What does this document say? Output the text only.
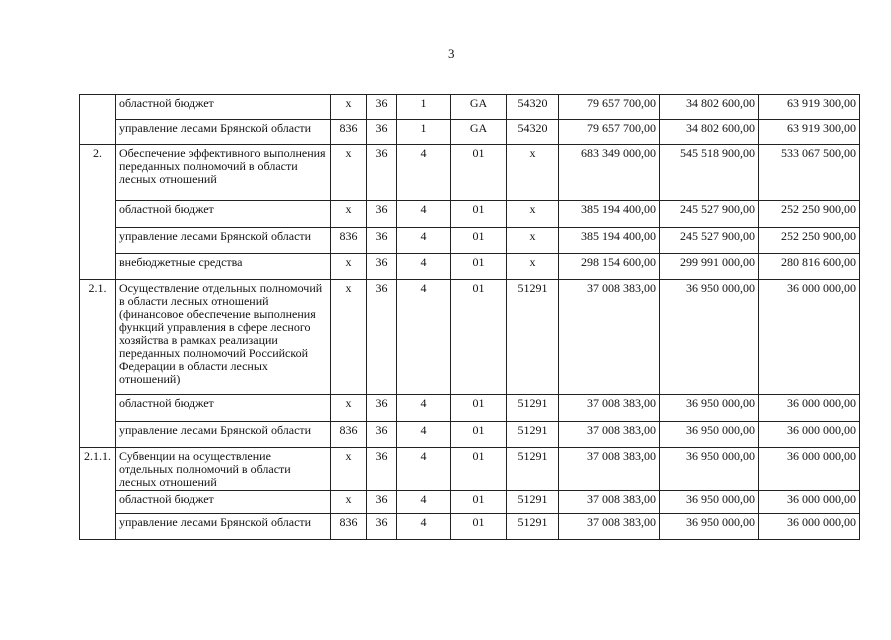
3
	областной бюджет	х	36	1	GA	54320	79 657 700,00	34 802 600,00	63 919 300,00
	управление лесами Брянской области	836	36	1	GA	54320	79 657 700,00	34 802 600,00	63 919 300,00
2.	Обеспечение эффективного выполнения переданных полномочий в области лесных отношений	х	36	4	01	х	683 349 000,00	545 518 900,00	533 067 500,00
	областной бюджет	х	36	4	01	х	385 194 400,00	245 527 900,00	252 250 900,00
	управление лесами Брянской области	836	36	4	01	х	385 194 400,00	245 527 900,00	252 250 900,00
	внебюджетные средства	х	36	4	01	х	298 154 600,00	299 991 000,00	280 816 600,00
2.1.	Осуществление отдельных полномочий в области лесных отношений (финансовое обеспечение выполнения функций управления в сфере лесного хозяйства в рамках реализации переданных полномочий Российской Федерации в области лесных отношений)	х	36	4	01	51291	37 008 383,00	36 950 000,00	36 000 000,00
	областной бюджет	х	36	4	01	51291	37 008 383,00	36 950 000,00	36 000 000,00
	управление лесами Брянской области	836	36	4	01	51291	37 008 383,00	36 950 000,00	36 000 000,00
2.1.1.	Субвенции на осуществление отдельных полномочий в области лесных отношений	х	36	4	01	51291	37 008 383,00	36 950 000,00	36 000 000,00
	областной бюджет	х	36	4	01	51291	37 008 383,00	36 950 000,00	36 000 000,00
	управление лесами Брянской области	836	36	4	01	51291	37 008 383,00	36 950 000,00	36 000 000,00
